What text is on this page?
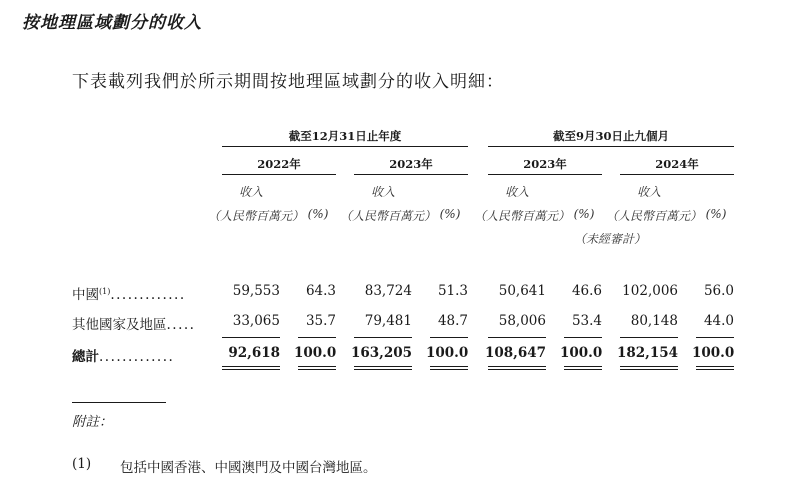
按地理區域劃分的收入
下表載列我們於所示期間按地理區域劃分的收入明細：
截至12月31日止年度	截至9月30日止九個月
2022年	2023年	2023年	2024年
收入	收入	收入	收入
（人民幣百萬元） (%) （人民幣百萬元） (%)	（人民幣百萬元） (%) （人民幣百萬元） (%)
（未經審計）
中國$^{(1)}$.............	59,553	64.3	83,724	51.3	50,641	46.6	102,006	56.0
其他國家及地區.....	33,065	35.7	79,481	48.7	58,006	53.4	80,148	44.0
總計.............	92,618 100.0	163,205 100.0	108,647 100.0	182,154 100.0
附註：
(1) 包括中國香港、中國澳門及中國台灣地區。
